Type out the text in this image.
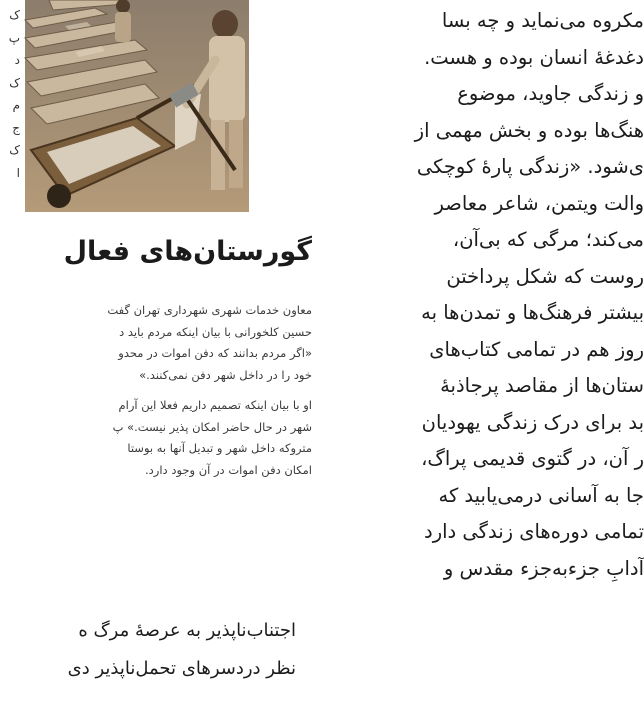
مکروه می‌نماید و چه بسا
دغدغهٔ انسان بوده و هست.
و زندگی جاوید، موضوع
هنگ‌ها بوده و بخش مهمی از
ی‌شود. «زندگی پارهٔ کوچکی
والت ویتمن، شاعر معاصر
می‌کند؛ مرگی که بی‌آن،
روست که شکل پرداختن
بیشتر فرهنگ‌ها و تمدن‌ها به
روز هم در تمامی کتاب‌های
ستان‌ها از مقاصد پرجاذبهٔ
بد برای درک زندگی یهودیان
ر آن، در گتوی قدیمی پراگ،
جا به آسانی درمی‌یابید که
تمامی دوره‌های زندگی دارد
آدابِ جزءبه‌جزء مقدس و
ک
پ
د
ک
م
ج
ک
ا
گورستان‌های فعال
معاون خدمات شهری شهرداری تهران گفت
حسین کلخورانی با بیان اینکه مردم باید د
«اگر مردم بدانند که دفن اموات در محدو
خود را در داخل شهر دفن نمی‌کنند.»
او با بیان اینکه تصمیم داریم فعلا این آرام
شهر در حال حاضر امکان پذیر نیست.» پ
متروکه داخل شهر و تبدیل آنها به بوستا
امکان دفن اموات در آن وجود دارد.
اجتناب‌ناپذیر به عرصهٔ مرگ ه
نظر دردسرهای تحمل‌ناپذیر دی
